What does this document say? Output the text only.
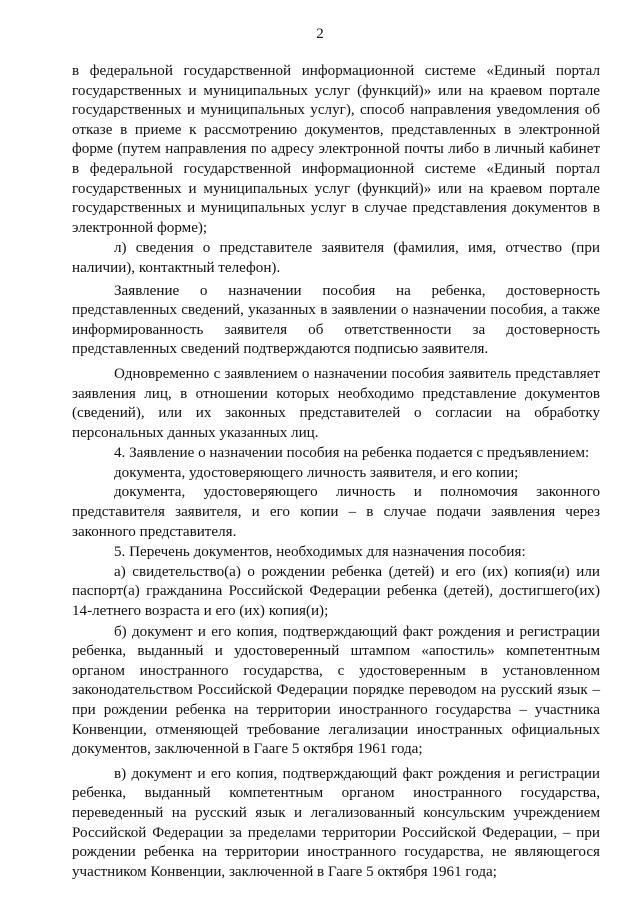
2

в федеральной государственной информационной системе «Единый портал государственных и муниципальных услуг (функций)» или на краевом портале государственных и муниципальных услуг), способ направления уведомления об отказе в приеме к рассмотрению документов, представленных в электронной форме (путем направления по адресу электронной почты либо в личный кабинет в федеральной государственной информационной системе «Единый портал государственных и муниципальных услуг (функций)» или на краевом портале государственных и муниципальных услуг в случае представления документов в электронной форме);

л) сведения о представителе заявителя (фамилия, имя, отчество (при наличии), контактный телефон).

Заявление о назначении пособия на ребенка, достоверность представленных сведений, указанных в заявлении о назначении пособия, а также информированность заявителя об ответственности за достоверность представленных сведений подтверждаются подписью заявителя.

Одновременно с заявлением о назначении пособия заявитель представляет заявления лиц, в отношении которых необходимо представление документов (сведений), или их законных представителей о согласии на обработку персональных данных указанных лиц.

4. Заявление о назначении пособия на ребенка подается с предъявлением:

документа, удостоверяющего личность заявителя, и его копии;

документа, удостоверяющего личность и полномочия законного представителя заявителя, и его копии – в случае подачи заявления через законного представителя.

5. Перечень документов, необходимых для назначения пособия:

а) свидетельство(а) о рождении ребенка (детей) и его (их) копия(и) или паспорт(а) гражданина Российской Федерации ребенка (детей), достигшего(их) 14-летнего возраста и его (их) копия(и);

б) документ и его копия, подтверждающий факт рождения и регистрации ребенка, выданный и удостоверенный штампом «апостиль» компетентным органом иностранного государства, с удостоверенным в установленном законодательством Российской Федерации порядке переводом на русский язык – при рождении ребенка на территории иностранного государства – участника Конвенции, отменяющей требование легализации иностранных официальных документов, заключенной в Гааге 5 октября 1961 года;

в) документ и его копия, подтверждающий факт рождения и регистрации ребенка, выданный компетентным органом иностранного государства, переведенный на русский язык и легализованный консульским учреждением Российской Федерации за пределами территории Российской Федерации, – при рождении ребенка на территории иностранного государства, не являющегося участником Конвенции, заключенной в Гааге 5 октября 1961 года;
